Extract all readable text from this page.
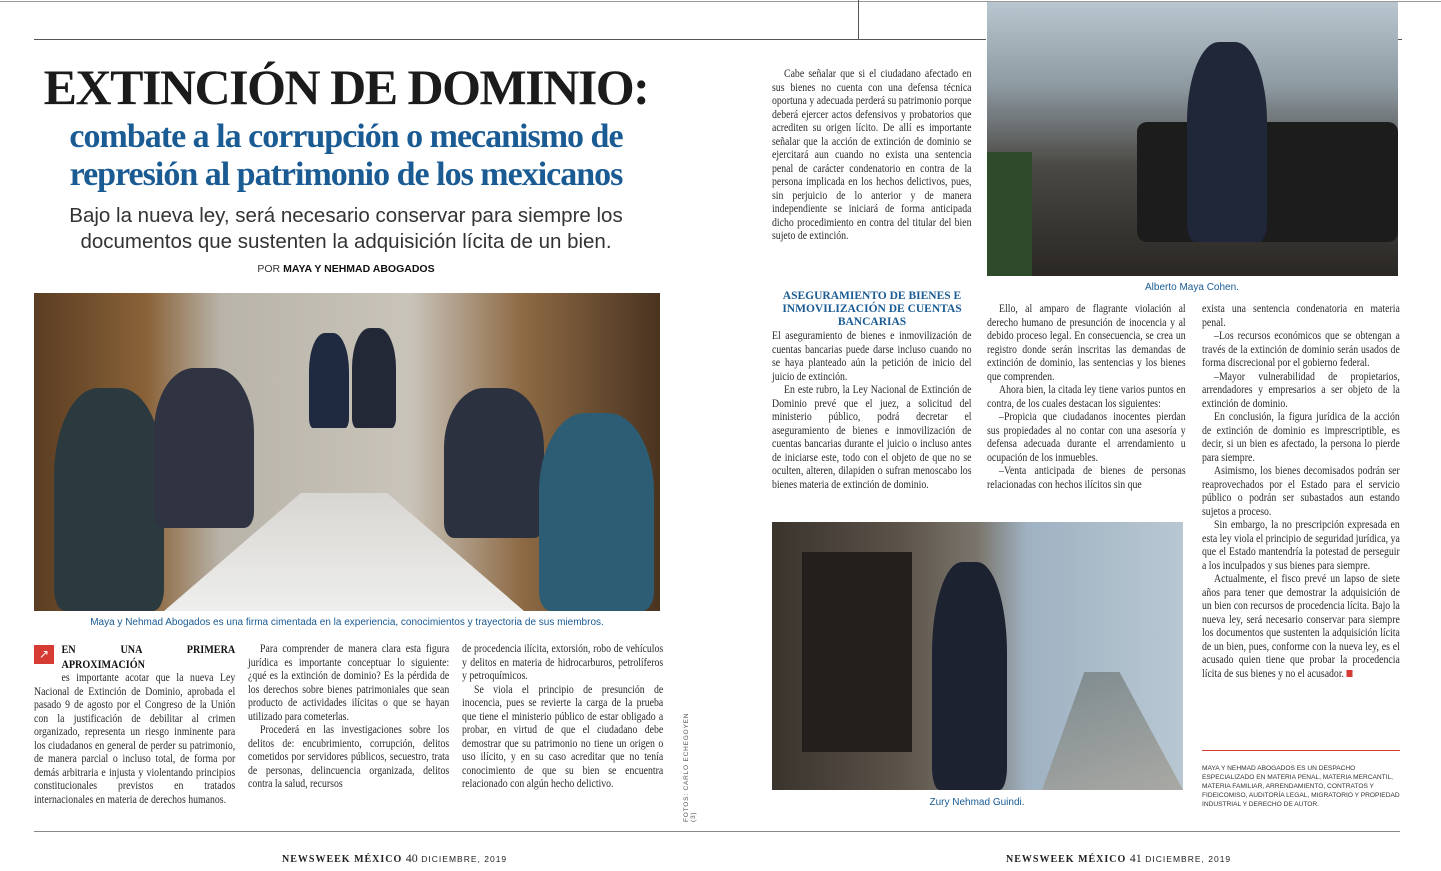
EXTINCIÓN DE DOMINIO:
combate a la corrupción o mecanismo de
represión al patrimonio de los mexicanos
Bajo la nueva ley, será necesario conservar para siempre los
documentos que sustenten la adquisición lícita de un bien.
POR MAYA Y NEHMAD ABOGADOS
Maya y Nehmad Abogados es una firma cimentada en la experiencia, conocimientos y trayectoria de sus miembros.
↗	EN UNA PRIMERA APROXIMACIÓN

es importante acotar que la nueva Ley Nacional de Extinción de Dominio, aprobada el pasado 9 de agosto por el Congreso de la Unión con la justificación de debilitar al crimen organizado, representa un riesgo inminente para los ciudadanos en general de perder su patrimonio, de manera parcial o incluso total, de forma por demás arbitraria e injusta y violentando principios constitucionales previstos en tratados internacionales en materia de derechos humanos.

Para comprender de manera clara esta figura jurídica es importante conceptuar lo siguiente: ¿qué es la extinción de dominio? Es la pérdida de los derechos sobre bienes patrimoniales que sean producto de actividades ilícitas o que se hayan utilizado para cometerlas.

Procederá en las investigaciones sobre los delitos de: encubrimiento, corrupción, delitos cometidos por servidores públicos, secuestro, trata de personas, delincuencia organizada, delitos contra la salud, recursos

de procedencia ilícita, extorsión, robo de vehículos y delitos en materia de hidrocarburos, petrolíferos y petroquímicos.

Se viola el principio de presunción de inocencia, pues se revierte la carga de la prueba que tiene el ministerio público de estar obligado a probar, en virtud de que el ciudadano debe demostrar que su patrimonio no tiene un origen o uso ilícito, y en su caso acreditar que no tenía conocimiento de que su bien se encuentra relacionado con algún hecho delictivo.	FOTOS: CARLO ECHEGOYEN (3)
NEWSWEEK MÉXICO 40 DICIEMBRE, 2019

Cabe señalar que si el ciudadano afectado en sus bienes no cuenta con una defensa técnica oportuna y adecuada perderá su patrimonio porque deberá ejercer actos defensivos y probatorios que acrediten su origen lícito. De allí es importante señalar que la acción de extinción de dominio se ejercitará aun cuando no exista una sentencia penal de carácter condenatorio en contra de la persona implicada en los hechos delictivos, pues, sin perjuicio de lo anterior y de manera independiente se iniciará de forma anticipada dicho procedimiento en contra del titular del bien sujeto de extinción.

ASEGURAMIENTO DE BIENES E INMOVILIZACIÓN DE CUENTAS BANCARIAS

El aseguramiento de bienes e inmovilización de cuentas bancarias puede darse incluso cuando no se haya planteado aún la petición de inicio del juicio de extinción.

En este rubro, la Ley Nacional de Extinción de Dominio prevé que el juez, a solicitud del ministerio público, podrá decretar el aseguramiento de bienes e inmovilización de cuentas bancarias durante el juicio o incluso antes de iniciarse este, todo con el objeto de que no se oculten, alteren, dilapiden o sufran menoscabo los bienes materia de extinción de dominio.

Alberto Maya Cohen.

Ello, al amparo de flagrante violación al derecho humano de presunción de inocencia y al debido proceso legal. En consecuencia, se crea un registro donde serán inscritas las demandas de extinción de dominio, las sentencias y los bienes que comprenden.

Ahora bien, la citada ley tiene varios puntos en contra, de los cuales destacan los siguientes:

–Propicia que ciudadanos inocentes pierdan sus propiedades al no contar con una asesoría y defensa adecuada durante el arrendamiento u ocupación de los inmuebles.

–Venta anticipada de bienes de personas relacionadas con hechos ilícitos sin que

exista una sentencia condenatoria en materia penal.

–Los recursos económicos que se obtengan a través de la extinción de dominio serán usados de forma discrecional por el gobierno federal.

–Mayor vulnerabilidad de propietarios, arrendadores y empresarios a ser objeto de la extinción de dominio.

En conclusión, la figura jurídica de la acción de extinción de dominio es imprescriptible, es decir, si un bien es afectado, la persona lo pierde para siempre.

Asimismo, los bienes decomisados podrán ser reaprovechados por el Estado para el servicio público o podrán ser subastados aun estando sujetos a proceso.

Sin embargo, la no prescripción expresada en esta ley viola el principio de seguridad jurídica, ya que el Estado mantendría la potestad de perseguir a los inculpados y sus bienes para siempre.

Actualmente, el fisco prevé un lapso de siete años para tener que demostrar la adquisición de un bien con recursos de procedencia lícita. Bajo la nueva ley, será necesario conservar para siempre los documentos que sustenten la adquisición lícita de un bien, pues, conforme con la nueva ley, es el acusado quien tiene que probar la procedencia lícita de sus bienes y no el acusador.

MAYA Y NEHMAD ABOGADOS ES UN DESPACHO ESPECIALIZADO EN MATERIA PENAL, MATERIA MERCANTIL, MATERIA FAMILIAR, ARRENDAMIENTO, CONTRATOS Y FIDEICOMISO, AUDITORÍA LEGAL, MIGRATORIO Y PROPIEDAD INDUSTRIAL Y DERECHO DE AUTOR.
Zury Nehmad Guindi.
NEWSWEEK MÉXICO 41 DICIEMBRE, 2019
